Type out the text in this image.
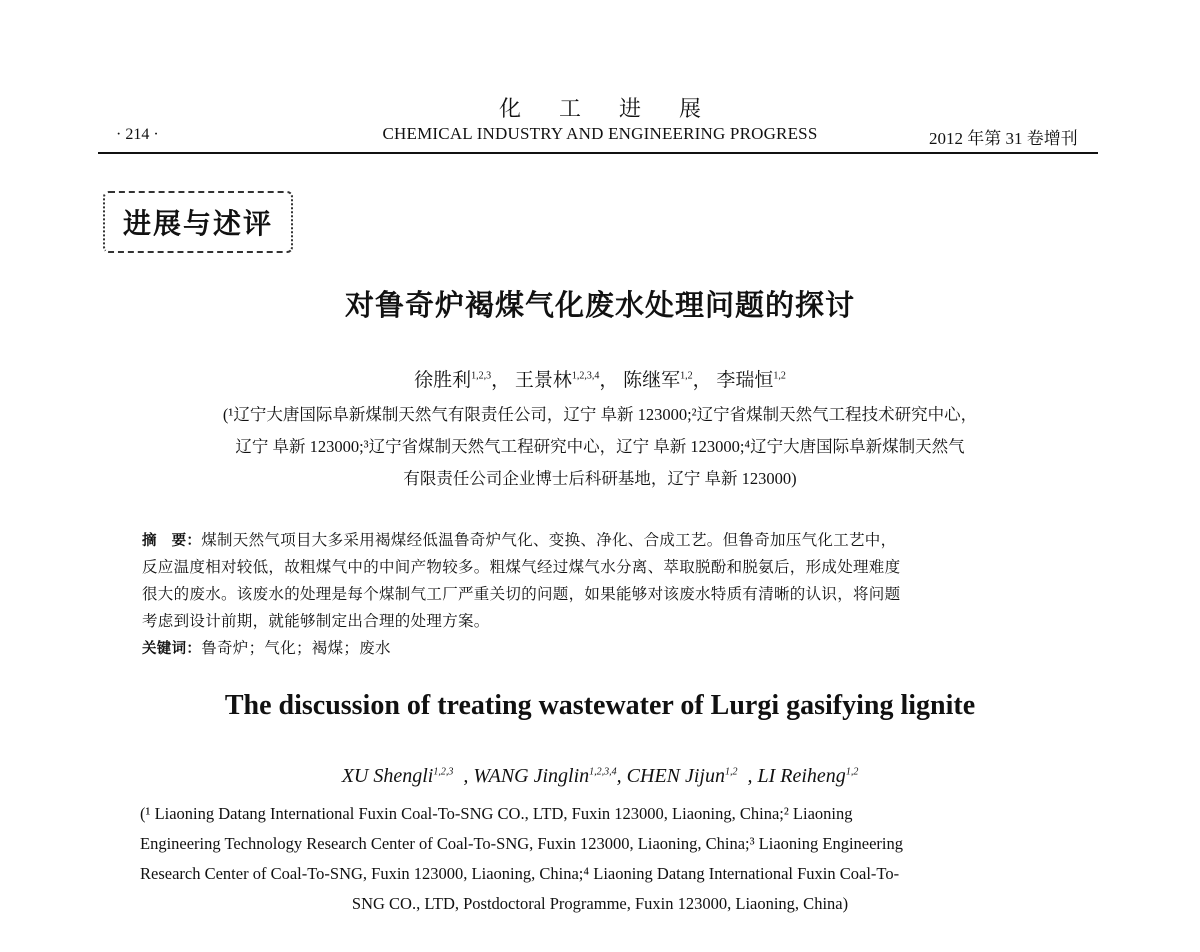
化工进展
· 214 ·	CHEMICAL INDUSTRY AND ENGINEERING PROGRESS	2012 年第 31 卷增刊
进展与述评
对鲁奇炉褐煤气化废水处理问题的探讨
徐胜利$^{1,2,3}$， 王景林$^{1,2,3,4}$， 陈继军$^{1,2}$， 李瑞恒$^{1,2}$
(¹辽宁大唐国际阜新煤制天然气有限责任公司，辽宁 阜新 123000;²辽宁省煤制天然气工程技术研究中心，
辽宁 阜新 123000;³辽宁省煤制天然气工程研究中心，辽宁 阜新 123000;⁴辽宁大唐国际阜新煤制天然气
有限责任公司企业博士后科研基地，辽宁 阜新 123000)
摘　要：煤制天然气项目大多采用褐煤经低温鲁奇炉气化、变换、净化、合成工艺。但鲁奇加压气化工艺中，
反应温度相对较低，故粗煤气中的中间产物较多。粗煤气经过煤气水分离、萃取脱酚和脱氨后，形成处理难度
很大的废水。该废水的处理是每个煤制气工厂严重关切的问题，如果能够对该废水特质有清晰的认识，将问题
考虑到设计前期，就能够制定出合理的处理方案。
关键词：鲁奇炉；气化；褐煤；废水
The discussion of treating wastewater of Lurgi gasifying lignite
XU Shengli$^{1,2,3}$  , WANG Jinglin$^{1,2,3,4}$, CHEN Jijun$^{1,2}$  , LI Reiheng$^{1,2}$
(¹ Liaoning Datang International Fuxin Coal-To-SNG CO., LTD, Fuxin 123000, Liaoning, China;² Liaoning
Engineering Technology Research Center of Coal-To-SNG, Fuxin 123000, Liaoning, China;³ Liaoning Engineering
Research Center of Coal-To-SNG, Fuxin 123000, Liaoning, China;⁴ Liaoning Datang International Fuxin Coal-To-
SNG CO., LTD, Postdoctoral Programme, Fuxin 123000, Liaoning, China)
